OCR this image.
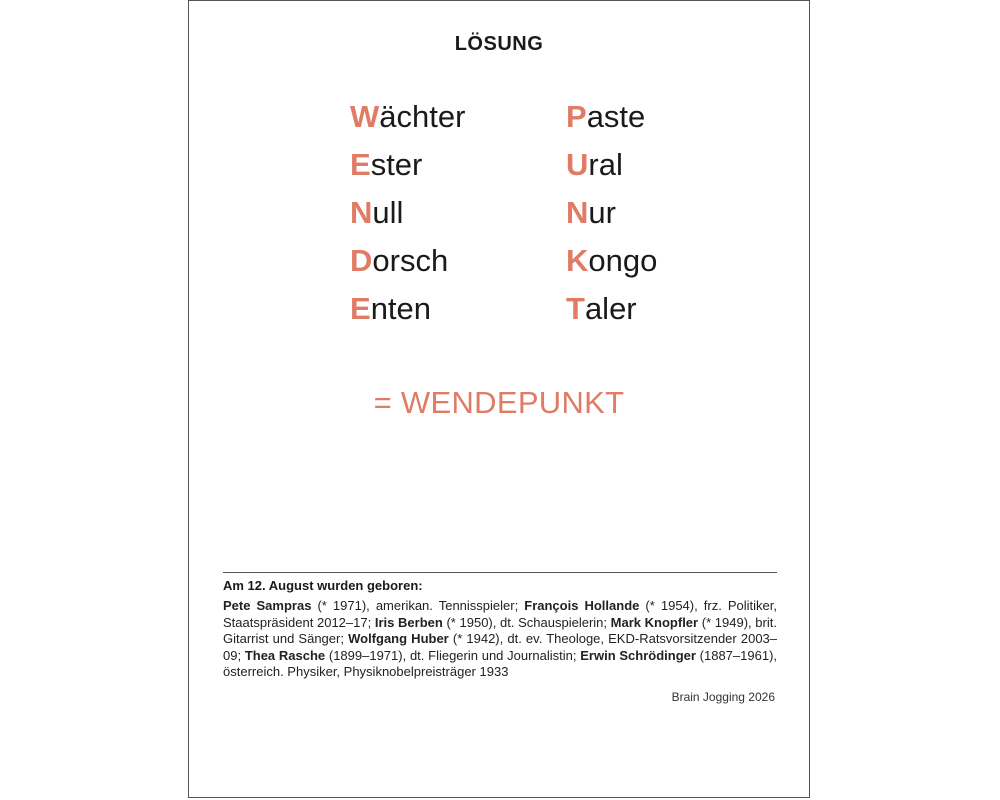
LÖSUNG
Wächter
Ester
Null
Dorsch
Enten
Paste
Ural
Nur
Kongo
Taler
= WENDEPUNKT
Am 12. August wurden geboren:
Pete Sampras (* 1971), amerikan. Tennisspieler; François Hollande (* 1954), frz. Politiker, Staatspräsident 2012–17; Iris Berben (* 1950), dt. Schauspielerin; Mark Knopfler (* 1949), brit. Gitarrist und Sänger; Wolfgang Huber (* 1942), dt. ev. Theologe, EKD-Ratsvorsitzender 2003–09; Thea Rasche (1899–1971), dt. Fliegerin und Journalistin; Erwin Schrödinger (1887–1961), österreich. Physiker, Physiknobelpreisträger 1933
Brain Jogging 2026
